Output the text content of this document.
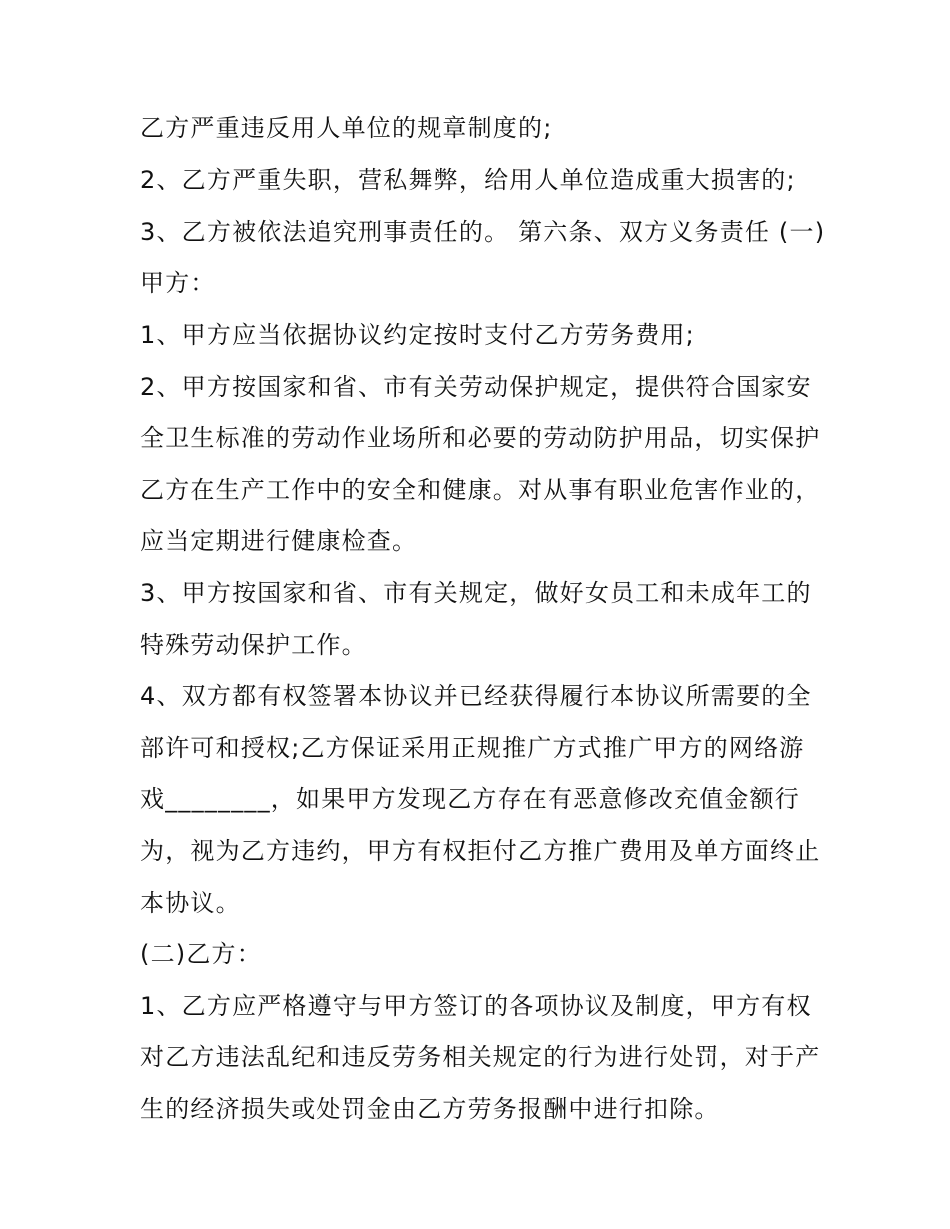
乙方严重违反用人单位的规章制度的;
2、乙方严重失职，营私舞弊，给用人单位造成重大损害的;
3、乙方被依法追究刑事责任的。 第六条、双方义务责任 (一)
甲方：
1、甲方应当依据协议约定按时支付乙方劳务费用;
2、甲方按国家和省、市有关劳动保护规定，提供符合国家安
全卫生标准的劳动作业场所和必要的劳动防护用品，切实保护
乙方在生产工作中的安全和健康。对从事有职业危害作业的，
应当定期进行健康检查。
3、甲方按国家和省、市有关规定，做好女员工和未成年工的
特殊劳动保护工作。
4、双方都有权签署本协议并已经获得履行本协议所需要的全
部许可和授权;乙方保证采用正规推广方式推广甲方的网络游
戏________，如果甲方发现乙方存在有恶意修改充值金额行
为，视为乙方违约，甲方有权拒付乙方推广费用及单方面终止
本协议。
(二)乙方：
1、乙方应严格遵守与甲方签订的各项协议及制度，甲方有权
对乙方违法乱纪和违反劳务相关规定的行为进行处罚，对于产
生的经济损失或处罚金由乙方劳务报酬中进行扣除。
